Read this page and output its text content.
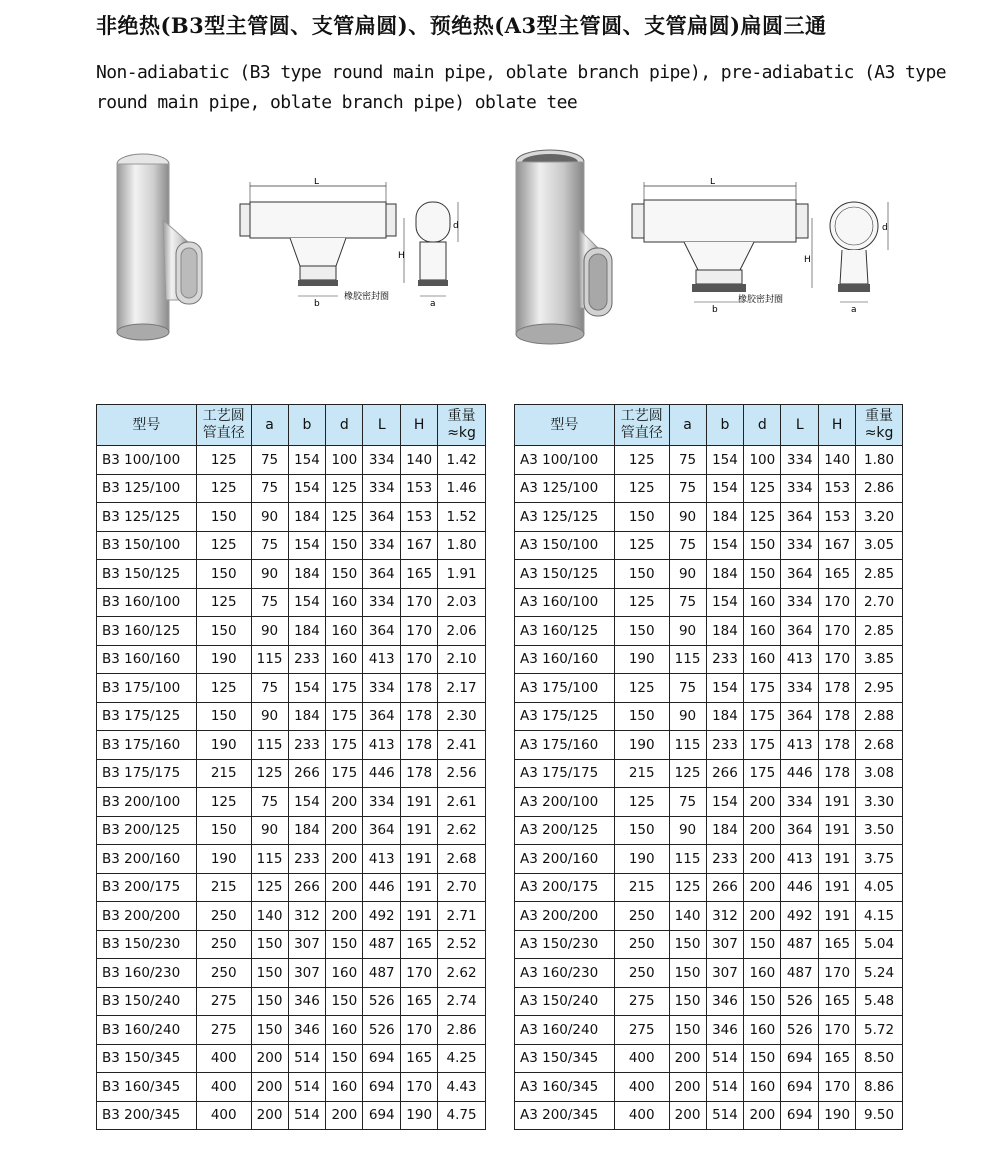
非绝热(B3型主管圆、支管扁圆)、预绝热(A3型主管圆、支管扁圆)扁圆三通
Non-adiabatic (B3 type round main pipe, oblate branch pipe), pre-adiabatic (A3 type round main pipe, oblate branch pipe) oblate tee
L
b
橡胶密封圈
H
d
a
L
b
橡胶密封圈
H
d
a
型号	工艺圆
管直径	a	b	d	L	H	重量
≈kg
B3 100/100	125	75	154	100	334	140	1.42
B3 125/100	125	75	154	125	334	153	1.46
B3 125/125	150	90	184	125	364	153	1.52
B3 150/100	125	75	154	150	334	167	1.80
B3 150/125	150	90	184	150	364	165	1.91
B3 160/100	125	75	154	160	334	170	2.03
B3 160/125	150	90	184	160	364	170	2.06
B3 160/160	190	115	233	160	413	170	2.10
B3 175/100	125	75	154	175	334	178	2.17
B3 175/125	150	90	184	175	364	178	2.30
B3 175/160	190	115	233	175	413	178	2.41
B3 175/175	215	125	266	175	446	178	2.56
B3 200/100	125	75	154	200	334	191	2.61
B3 200/125	150	90	184	200	364	191	2.62
B3 200/160	190	115	233	200	413	191	2.68
B3 200/175	215	125	266	200	446	191	2.70
B3 200/200	250	140	312	200	492	191	2.71
B3 150/230	250	150	307	150	487	165	2.52
B3 160/230	250	150	307	160	487	170	2.62
B3 150/240	275	150	346	150	526	165	2.74
B3 160/240	275	150	346	160	526	170	2.86
B3 150/345	400	200	514	150	694	165	4.25
B3 160/345	400	200	514	160	694	170	4.43
B3 200/345	400	200	514	200	694	190	4.75
型号	工艺圆
管直径	a	b	d	L	H	重量
≈kg
A3 100/100	125	75	154	100	334	140	1.80
A3 125/100	125	75	154	125	334	153	2.86
A3 125/125	150	90	184	125	364	153	3.20
A3 150/100	125	75	154	150	334	167	3.05
A3 150/125	150	90	184	150	364	165	2.85
A3 160/100	125	75	154	160	334	170	2.70
A3 160/125	150	90	184	160	364	170	2.85
A3 160/160	190	115	233	160	413	170	3.85
A3 175/100	125	75	154	175	334	178	2.95
A3 175/125	150	90	184	175	364	178	2.88
A3 175/160	190	115	233	175	413	178	2.68
A3 175/175	215	125	266	175	446	178	3.08
A3 200/100	125	75	154	200	334	191	3.30
A3 200/125	150	90	184	200	364	191	3.50
A3 200/160	190	115	233	200	413	191	3.75
A3 200/175	215	125	266	200	446	191	4.05
A3 200/200	250	140	312	200	492	191	4.15
A3 150/230	250	150	307	150	487	165	5.04
A3 160/230	250	150	307	160	487	170	5.24
A3 150/240	275	150	346	150	526	165	5.48
A3 160/240	275	150	346	160	526	170	5.72
A3 150/345	400	200	514	150	694	165	8.50
A3 160/345	400	200	514	160	694	170	8.86
A3 200/345	400	200	514	200	694	190	9.50
